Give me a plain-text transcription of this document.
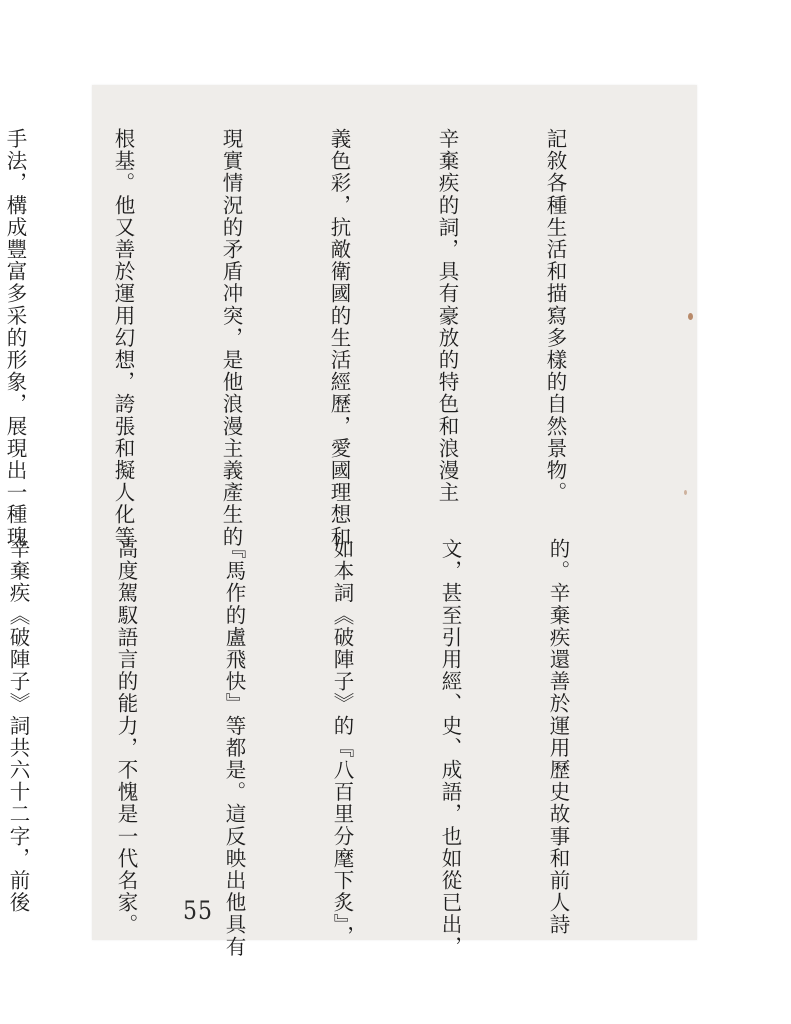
記敘各種生活和描寫多樣的自然景物。

辛棄疾的詞，具有豪放的特色和浪漫主

義色彩，抗敵衛國的生活經歷，愛國理想和

現實情況的矛盾冲突，是他浪漫主義產生的

根基。他又善於運用幻想，誇張和擬人化等

手法，構成豐富多采的形象，展現出一種瑰

的。辛棄疾還善於運用歷史故事和前人詩

文，甚至引用經、史、成語，也如從已出，

如本詞《破陣子》的『八百里分麾下炙』，

『馬作的盧飛快』等都是。這反映出他具有

高度駕馭語言的能力，不愧是一代名家。

辛棄疾《破陣子》詞共六十二字，前後

	55
